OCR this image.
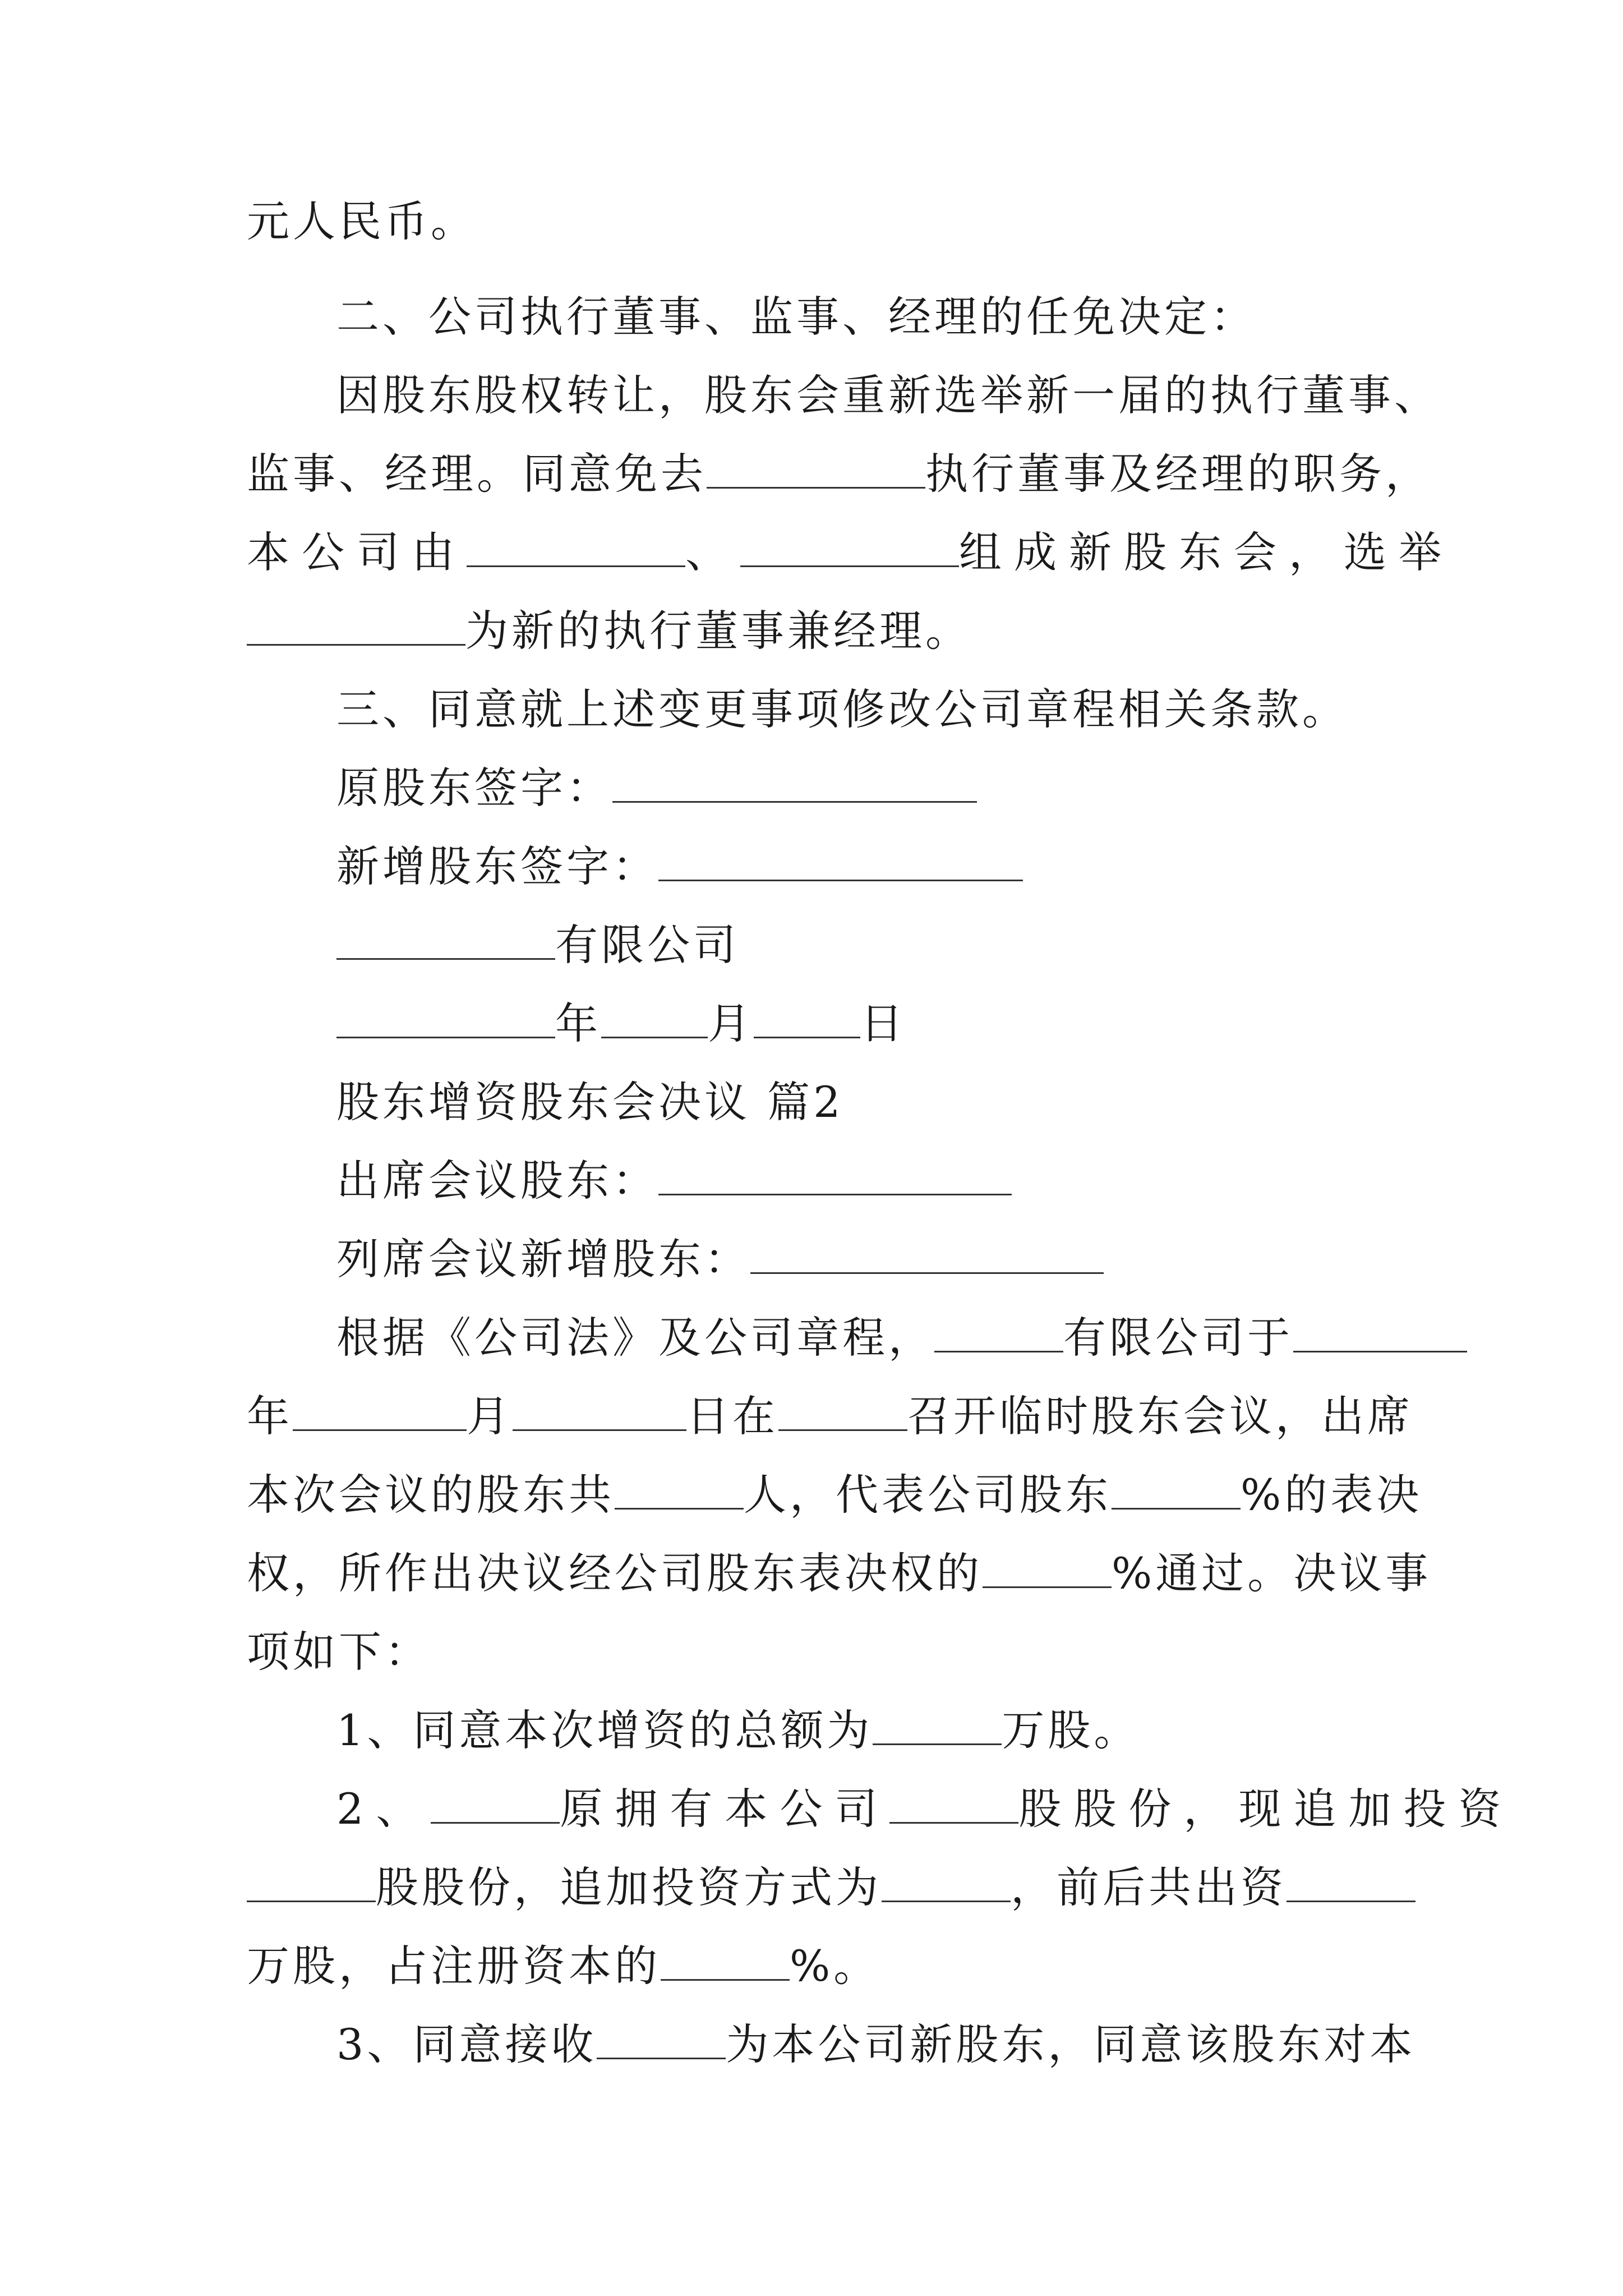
元人民币。
二、公司执行董事、监事、经理的任免决定：
因股东股权转让，股东会重新选举新一届的执行董事、
监事、经理。同意免去	执行董事及经理的职务，
本公司由	、	组成新股东会，选举
为新的执行董事兼经理。
三、同意就上述变更事项修改公司章程相关条款。
原股东签字：
新增股东签字：
有限公司
年	月	日
股东增资股东会决议 篇2
出席会议股东：
列席会议新增股东：
根据《公司法》及公司章程，	有限公司于
年	月	日在	召开临时股东会议，出席
本次会议的股东共	人，代表公司股东	%的表决
权，所作出决议经公司股东表决权的	%通过。决议事
项如下：
1、同意本次增资的总额为	万股。
2、	原拥有本公司	股股份，现追加投资
股股份，追加投资方式为	，前后共出资
万股，占注册资本的	%。
3、同意接收	为本公司新股东，同意该股东对本
